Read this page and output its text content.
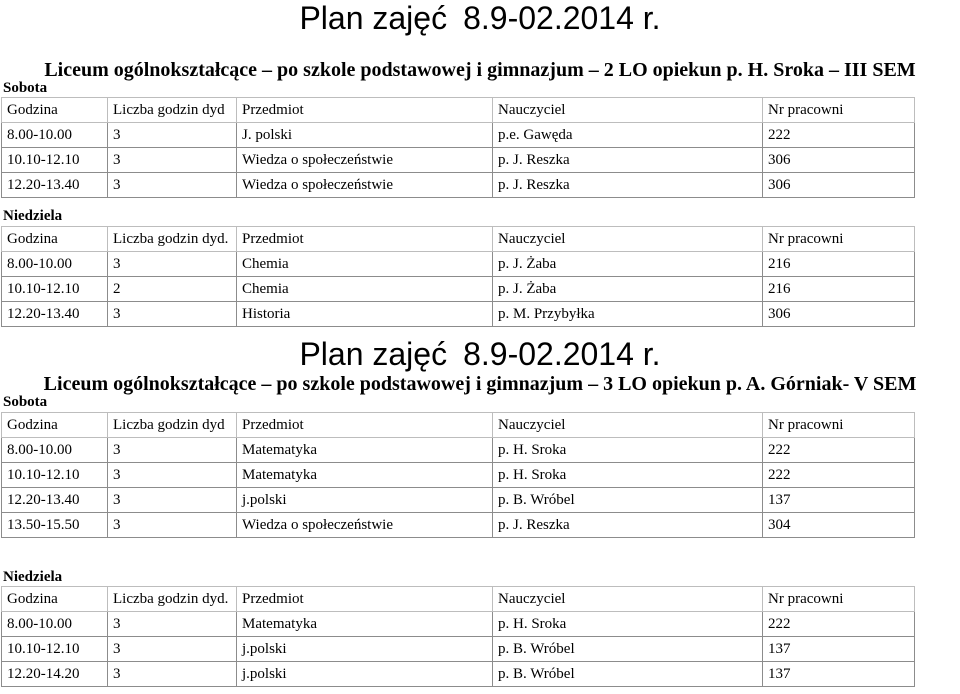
Plan zajęć 8.9-02.2014 r.
Liceum ogólnokształcące – po szkole podstawowej i gimnazjum – 2 LO opiekun p. H. Sroka – III SEM
Sobota
Godzina	Liczba godzin dyd	Przedmiot	Nauczyciel	Nr pracowni
8.00-10.00	3	J. polski	p.e. Gawęda	222
10.10-12.10	3	Wiedza o społeczeństwie	p. J. Reszka	306
12.20-13.40	3	Wiedza o społeczeństwie	p. J. Reszka	306
Niedziela
Godzina	Liczba godzin dyd.	Przedmiot	Nauczyciel	Nr pracowni
8.00-10.00	3	Chemia	p. J. Żaba	216
10.10-12.10	2	Chemia	p. J. Żaba	216
12.20-13.40	3	Historia	p. M. Przybyłka	306
Plan zajęć 8.9-02.2014 r.
Liceum ogólnokształcące – po szkole podstawowej i gimnazjum – 3 LO opiekun p. A. Górniak- V SEM
Sobota
Godzina	Liczba godzin dyd	Przedmiot	Nauczyciel	Nr pracowni
8.00-10.00	3	Matematyka	p. H. Sroka	222
10.10-12.10	3	Matematyka	p. H. Sroka	222
12.20-13.40	3	j.polski	p. B. Wróbel	137
13.50-15.50	3	Wiedza o społeczeństwie	p. J. Reszka	304
Niedziela
Godzina	Liczba godzin dyd.	Przedmiot	Nauczyciel	Nr pracowni
8.00-10.00	3	Matematyka	p. H. Sroka	222
10.10-12.10	3	j.polski	p. B. Wróbel	137
12.20-14.20	3	j.polski	p. B. Wróbel	137
